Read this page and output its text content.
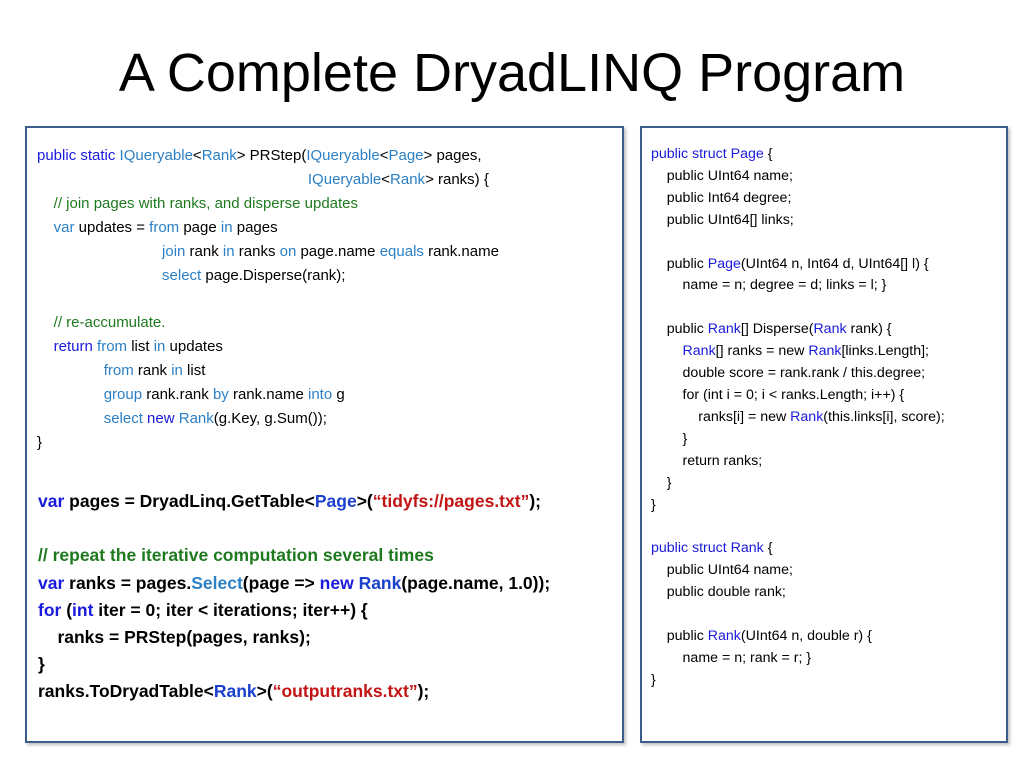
A Complete DryadLINQ Program
public static IQueryable<Rank> PRStep(IQueryable<Page> pages,
IQueryable<Rank> ranks) {
// join pages with ranks, and disperse updates
var updates = from page in pages
join rank in ranks on page.name equals rank.name
select page.Disperse(rank);

// re-accumulate.
return from list in updates
from rank in list
group rank.rank by rank.name into g
select new Rank(g.Key, g.Sum());
}
var pages = DryadLinq.GetTable<Page>(“tidyfs://pages.txt”);

// repeat the iterative computation several times
var ranks = pages.Select(page => new Rank(page.name, 1.0));
for (int iter = 0; iter < iterations; iter++) {
ranks = PRStep(pages, ranks);
}
ranks.ToDryadTable<Rank>(“outputranks.txt”);
public struct Page {
public UInt64 name;
public Int64 degree;
public UInt64[] links;

public Page(UInt64 n, Int64 d, UInt64[] l) {
name = n; degree = d; links = l; }

public Rank[] Disperse(Rank rank) {
Rank[] ranks = new Rank[links.Length];
double score = rank.rank / this.degree;
for (int i = 0; i < ranks.Length; i++) {
ranks[i] = new Rank(this.links[i], score);
}
return ranks;
}
}

public struct Rank {
public UInt64 name;
public double rank;

public Rank(UInt64 n, double r) {
name = n; rank = r; }
}
